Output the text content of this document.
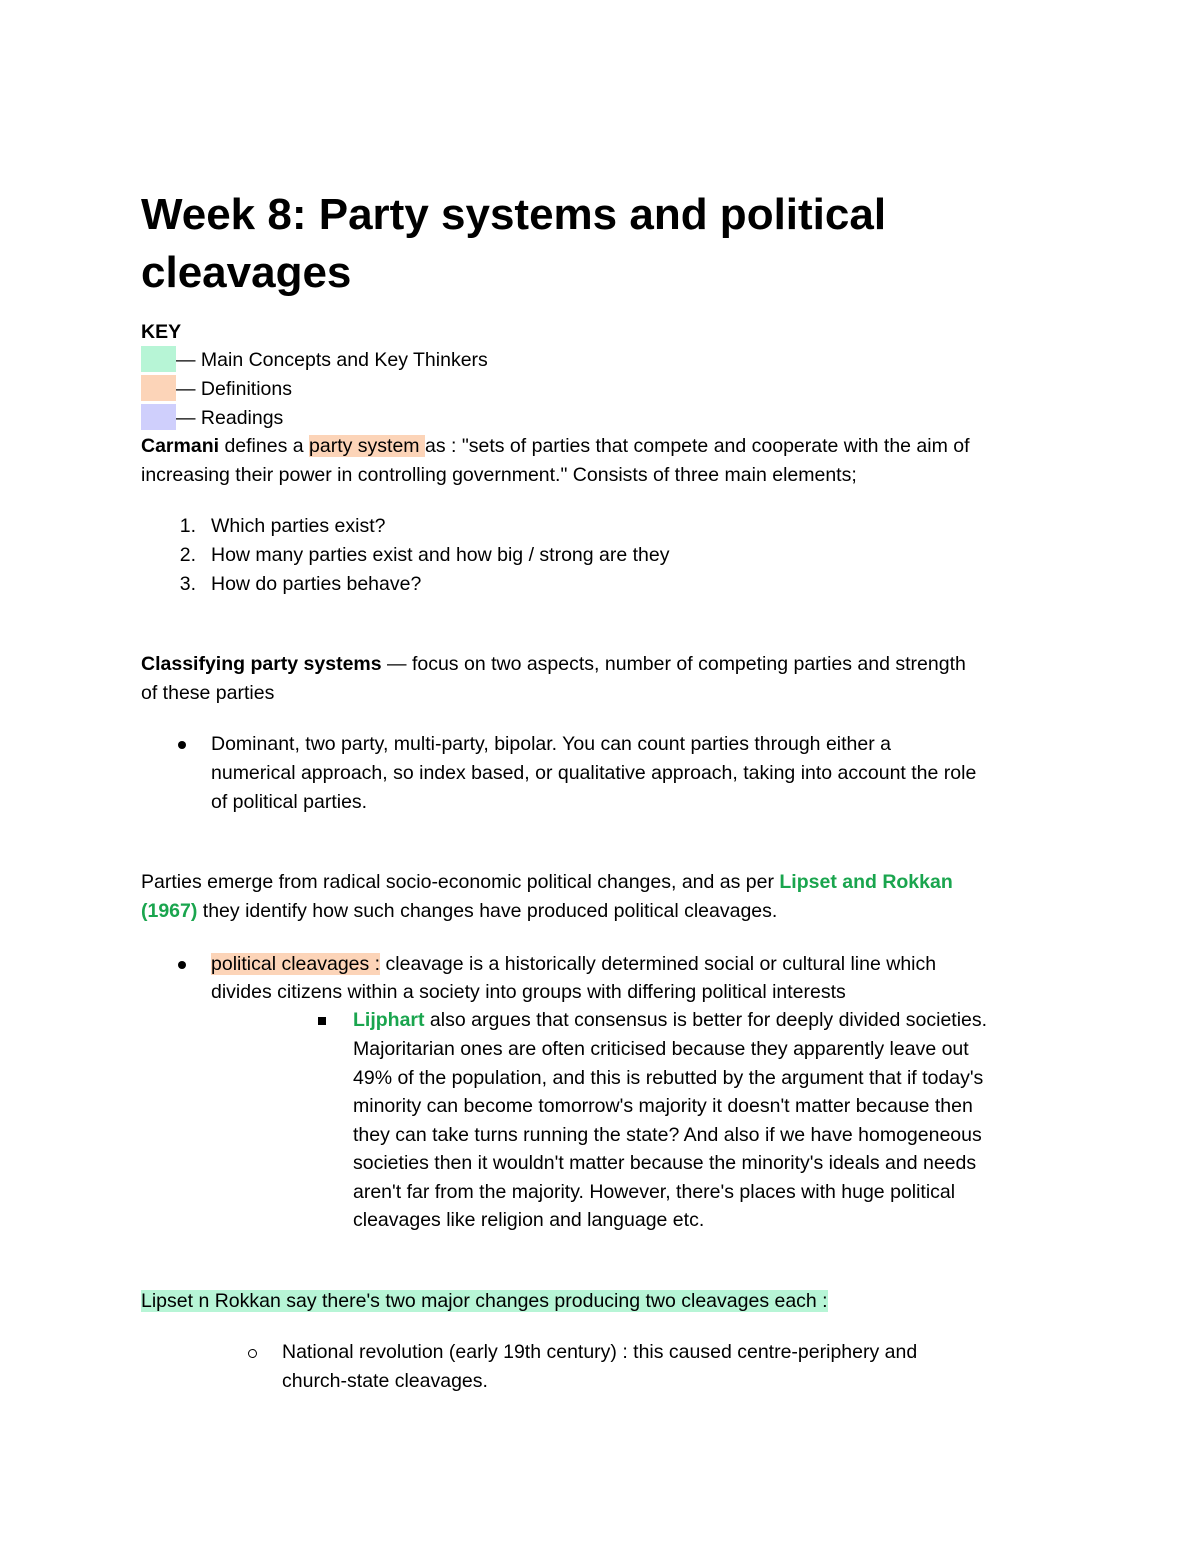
Week 8: Party systems and political cleavages
KEY
— Main Concepts and Key Thinkers
— Definitions
— Readings
Carmani defines a party system as : "sets of parties that compete and cooperate with the aim of
increasing their power in controlling government." Consists of three main elements;
1. Which parties exist?
2. How many parties exist and how big / strong are they
3. How do parties behave?
Classifying party systems — focus on two aspects, number of competing parties and strength
of these parties
Dominant, two party, multi-party, bipolar. You can count parties through either a
numerical approach, so index based, or qualitative approach, taking into account the role
of political parties.
Parties emerge from radical socio-economic political changes, and as per Lipset and Rokkan
(1967) they identify how such changes have produced political cleavages.
political cleavages : cleavage is a historically determined social or cultural line which
divides citizens within a society into groups with differing political interests
Lijphart also argues that consensus is better for deeply divided societies.
Majoritarian ones are often criticised because they apparently leave out
49% of the population, and this is rebutted by the argument that if today's
minority can become tomorrow's majority it doesn't matter because then
they can take turns running the state? And also if we have homogeneous
societies then it wouldn't matter because the minority's ideals and needs
aren't far from the majority. However, there's places with huge political
cleavages like religion and language etc.
Lipset n Rokkan say there's two major changes producing two cleavages each :
National revolution (early 19th century) : this caused centre-periphery and
church-state cleavages.
